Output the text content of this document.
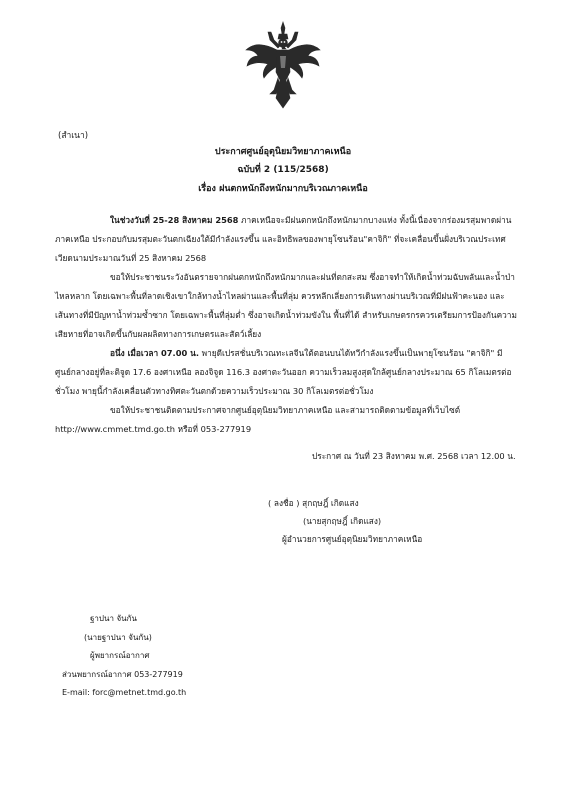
(สำเนา)
ประกาศศูนย์อุตุนิยมวิทยาภาคเหนือ
ฉบับที่ 2 (115/2568)
เรื่อง ฝนตกหนักถึงหนักมากบริเวณภาคเหนือ
ในช่วงวันที่ 25-28 สิงหาคม 2568 ภาคเหนือจะมีฝนตกหนักถึงหนักมากบางแห่ง ทั้งนี้เนื่องจากร่องมรสุมพาดผ่านภาคเหนือ ประกอบกับมรสุมตะวันตกเฉียงใต้มีกำลังแรงขึ้น และอิทธิพลของพายุโซนร้อน"คาจิกิ" ที่จะเคลื่อนขึ้นฝั่งบริเวณประเทศเวียดนามประมาณวันที่ 25 สิงหาคม 2568
ขอให้ประชาชนระวังอันตรายจากฝนตกหนักถึงหนักมากและฝนที่ตกสะสม ซึ่งอาจทำให้เกิดน้ำท่วมฉับพลันและน้ำป่าไหลหลาก โดยเฉพาะพื้นที่ลาดเชิงเขาใกล้ทางน้ำไหลผ่านและพื้นที่ลุ่ม ควรหลีกเลี่ยงการเดินทางผ่านบริเวณที่มีฝนฟ้าคะนอง และเส้นทางที่มีปัญหาน้ำท่วมซ้ำซาก โดยเฉพาะพื้นที่ลุ่มต่ำ ซึ่งอาจเกิดน้ำท่วมขังใน พื้นที่ได้ สำหรับเกษตรกรควรเตรียมการป้องกันความเสียหายที่อาจเกิดขึ้นกับผลผลิตทางการเกษตรและสัตว์เลี้ยง
อนึ่ง เมื่อเวลา 07.00 น. พายุดีเปรสชั่นบริเวณทะเลจีนใต้ตอนบนได้ทวีกำลังแรงขึ้นเป็นพายุโซนร้อน "คาจิกิ" มีศูนย์กลางอยู่ที่ละติจูด 17.6 องศาเหนือ ลองจิจูด 116.3 องศาตะวันออก ความเร็วลมสูงสุดใกล้ศูนย์กลางประมาณ 65 กิโลเมตรต่อชั่วโมง พายุนี้กำลังเคลื่อนตัวทางทิศตะวันตกด้วยความเร็วประมาณ 30 กิโลเมตรต่อชั่วโมง
ขอให้ประชาชนติดตามประกาศจากศูนย์อุตุนิยมวิทยาภาคเหนือ และสามารถติดตามข้อมูลที่เว็บไซต์ http://www.cmmet.tmd.go.th หรือที่ 053-277919
ประกาศ ณ วันที่ 23 สิงหาคม พ.ศ. 2568 เวลา 12.00 น.
( ลงชื่อ ) สุกฤษฎิ์ เกิดแสง
(นายสุกฤษฎิ์ เกิดแสง)
ผู้อำนวยการศูนย์อุตุนิยมวิทยาภาคเหนือ
ฐาปนา จันกัน
(นายฐาปนา จันกัน)
ผู้พยากรณ์อากาศ
ส่วนพยากรณ์อากาศ 053-277919
E-mail: forc@metnet.tmd.go.th
